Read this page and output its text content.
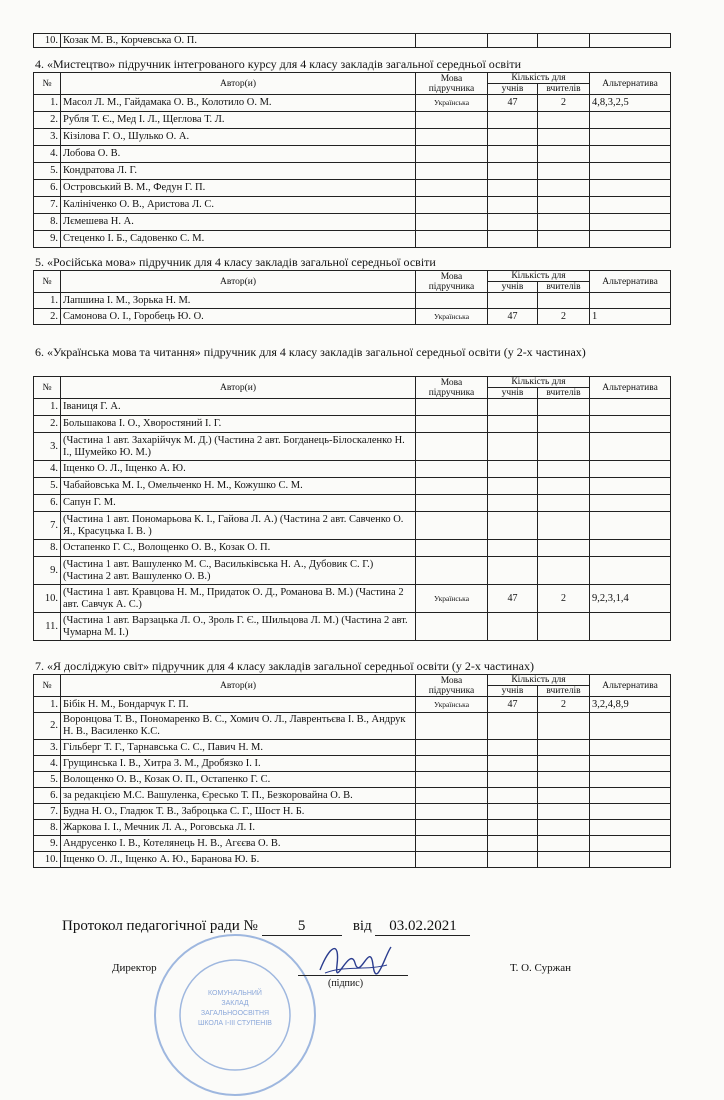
10.	Козак М. В., Корчевська О. П.				
4. «Мистецтво» підручник інтегрованого курсу для 4 класу закладів загальної середньої освіти
№	Автор(и)	Мова підручника	Кількість для		Альтернатива
			учнів	вчителів	
1.	Масол Л. М., Гайдамака О. В., Колотило О. М.	Українська	47	2	4,8,3,2,5
2.	Рубля Т. Є., Мед І. Л., Щеглова Т. Л.				
3.	Кізілова Г. О., Шулько О. А.				
4.	Лобова О. В.				
5.	Кондратова Л. Г.				
6.	Островський В. М., Федун Г. П.				
7.	Калініченко О. В., Аристова Л. С.				
8.	Лємешева Н. А.				
9.	Стеценко І. Б., Садовенко С. М.				
5. «Російська мова» підручник для 4 класу закладів загальної середньої освіти
№	Автор(и)	Мова підручника	Кількість для		Альтернатива
			учнів	вчителів	
1.	Лапшина І. М., Зорька Н. М.				
2.	Самонова О. І., Горобець Ю. О.	Українська	47	2	1
6. «Українська мова та читання» підручник для 4 класу закладів загальної середньої освіти (у 2-х частинах)
№	Автор(и)	Мова підручника	Кількість для		Альтернатива
			учнів	вчителів	
1.	Іваниця Г. А.				
2.	Большакова І. О., Хворостяний І. Г.				
3.	(Частина 1 авт. Захарійчук М. Д.) (Частина 2 авт. Богданець-Білоскаленко Н. І., Шумейко Ю. М.)				
4.	Іщенко О. Л., Іщенко А. Ю.				
5.	Чабайовська М. І., Омельченко Н. М., Кожушко С. М.				
6.	Сапун Г. М.				
7.	(Частина 1 авт. Пономарьова К. І., Гайова Л. А.) (Частина 2 авт. Савченко О. Я., Красуцька І. В. )				
8.	Остапенко Г. С., Волощенко О. В., Козак О. П.				
9.	(Частина 1 авт. Вашуленко М. С., Васильківська Н. А., Дубовик С. Г.) (Частина 2 авт. Вашуленко О. В.)				
10.	(Частина 1 авт. Кравцова Н. М., Придаток О. Д., Романова В. М.) (Частина 2 авт. Савчук А. С.)	Українська	47	2	9,2,3,1,4
11.	(Частина 1 авт. Варзацька Л. О., Зроль Г. Є., Шильцова Л. М.) (Частина 2 авт. Чумарна М. І.)				
7. «Я досліджую світ» підручник для 4 класу закладів загальної середньої освіти (у 2-х частинах)
№	Автор(и)	Мова підручника	Кількість для		Альтернатива
			учнів	вчителів	
1.	Бібік Н. М., Бондарчук Г. П.	Українська	47	2	3,2,4,8,9
2.	Воронцова Т. В., Пономаренко В. С., Хомич О. Л., Лаврентьєва І. В., Андрук Н. В., Василенко К.С.				
3.	Гільберг Т. Г., Тарнавська С. С., Павич Н. М.				
4.	Грущинська І. В., Хитра З. М., Дробязко І. І.				
5.	Волощенко О. В., Козак О. П., Остапенко Г. С.				
6.	за редакцією М.С. Вашуленка, Єресько Т. П., Безкоровайна О. В.				
7.	Будна Н. О., Гладюк Т. В., Заброцька С. Г., Шост Н. Б.				
8.	Жаркова І. І., Мечник Л. А., Роговська Л. І.				
9.	Андрусенко І. В., Котелянець Н. В., Агєєва О. В.				
10.	Іщенко О. Л., Іщенко А. Ю., Баранова Ю. Б.				
Протокол педагогічної ради №	5	від 03.02.2021
КОМУНАЛЬНИЙ
ЗАКЛАД
ЗАГАЛЬНООСВІТНЯ
ШКОЛА І-ІІІ СТУПЕНІВ
Директор
(підпис)
Т. О. Суржан
